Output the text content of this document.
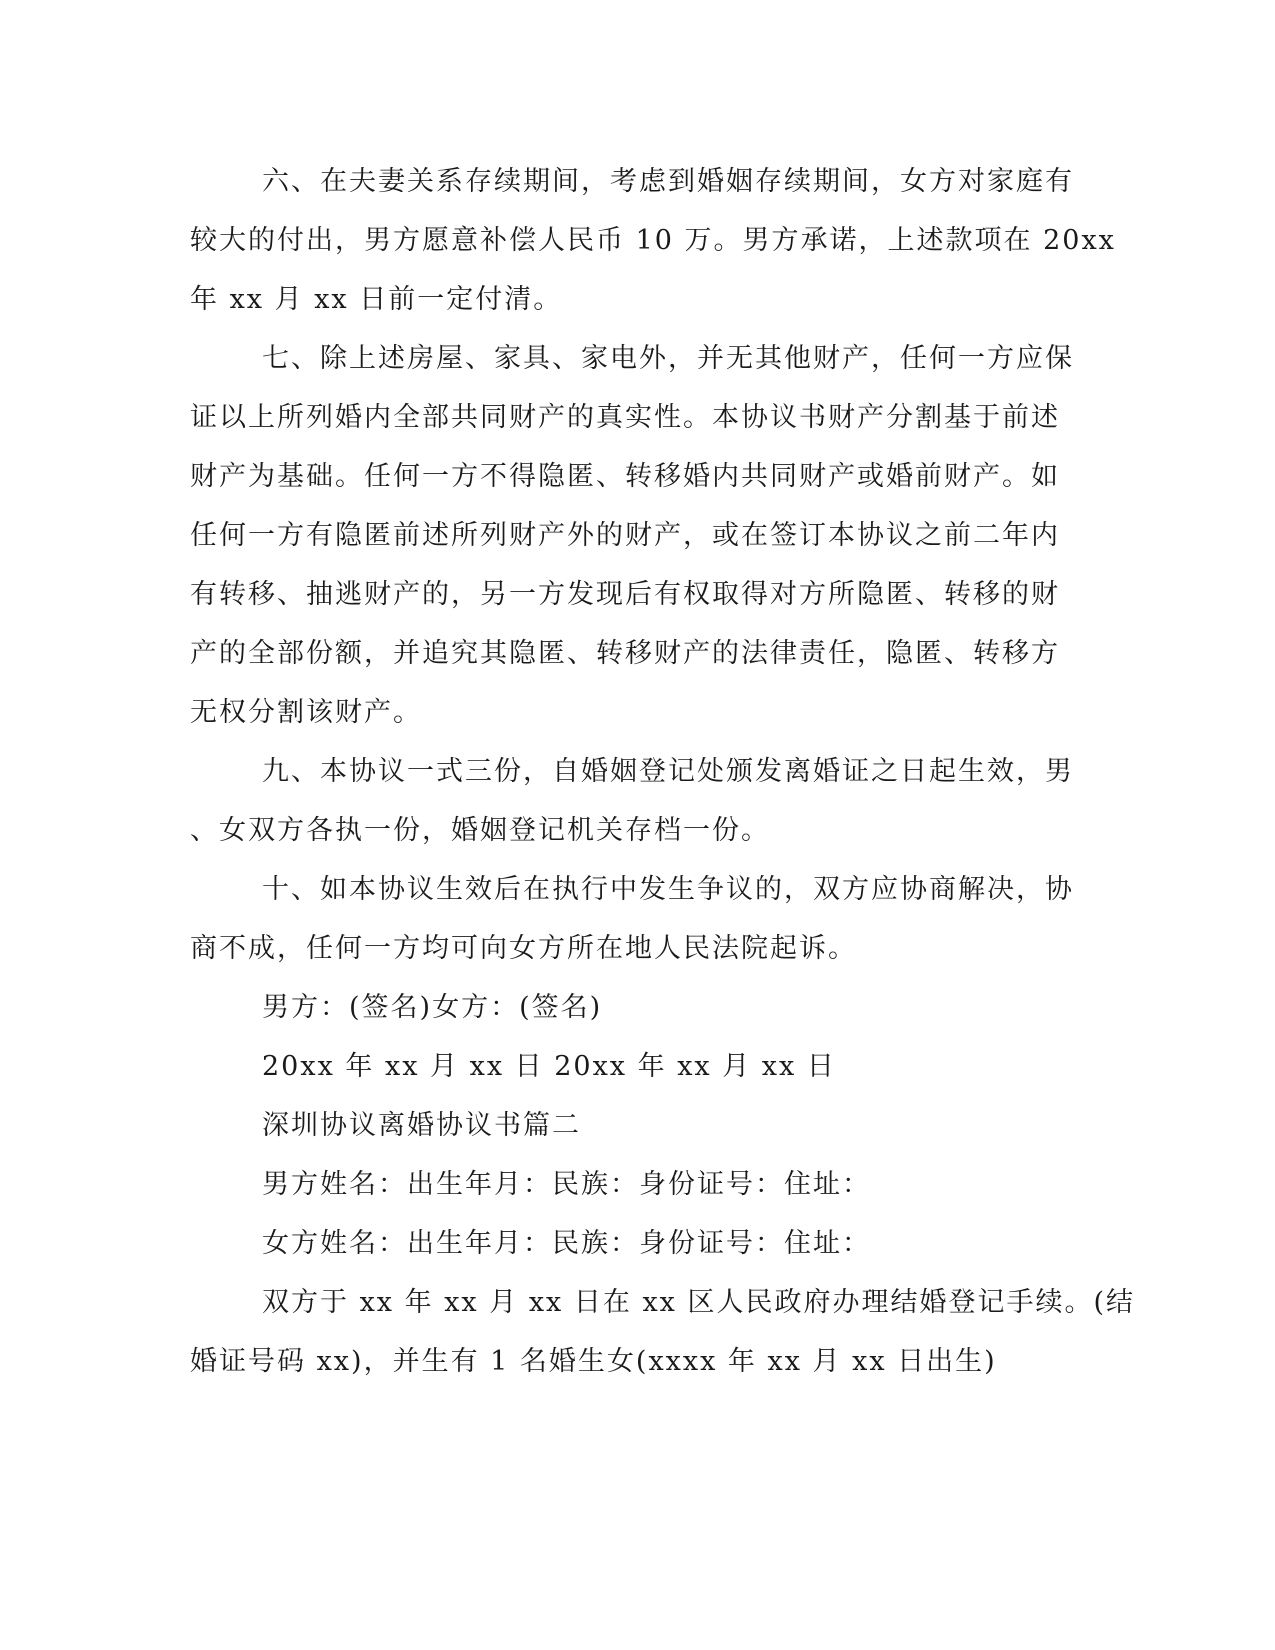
六、在夫妻关系存续期间，考虑到婚姻存续期间，女方对家庭有
较大的付出，男方愿意补偿人民币 10 万。男方承诺，上述款项在 20xx
年 xx 月 xx 日前一定付清。
七、除上述房屋、家具、家电外，并无其他财产，任何一方应保
证以上所列婚内全部共同财产的真实性。本协议书财产分割基于前述
财产为基础。任何一方不得隐匿、转移婚内共同财产或婚前财产。如
任何一方有隐匿前述所列财产外的财产，或在签订本协议之前二年内
有转移、抽逃财产的，另一方发现后有权取得对方所隐匿、转移的财
产的全部份额，并追究其隐匿、转移财产的法律责任，隐匿、转移方
无权分割该财产。
九、本协议一式三份，自婚姻登记处颁发离婚证之日起生效，男
、女双方各执一份，婚姻登记机关存档一份。
十、如本协议生效后在执行中发生争议的，双方应协商解决，协
商不成，任何一方均可向女方所在地人民法院起诉。
男方：(签名)女方：(签名)
20xx 年 xx 月 xx 日 20xx 年 xx 月 xx 日
深圳协议离婚协议书篇二
男方姓名：出生年月：民族：身份证号：住址：
女方姓名：出生年月：民族：身份证号：住址：
双方于 xx 年 xx 月 xx 日在 xx 区人民政府办理结婚登记手续。(结
婚证号码 xx)，并生有 1 名婚生女(xxxx 年 xx 月 xx 日出生)
